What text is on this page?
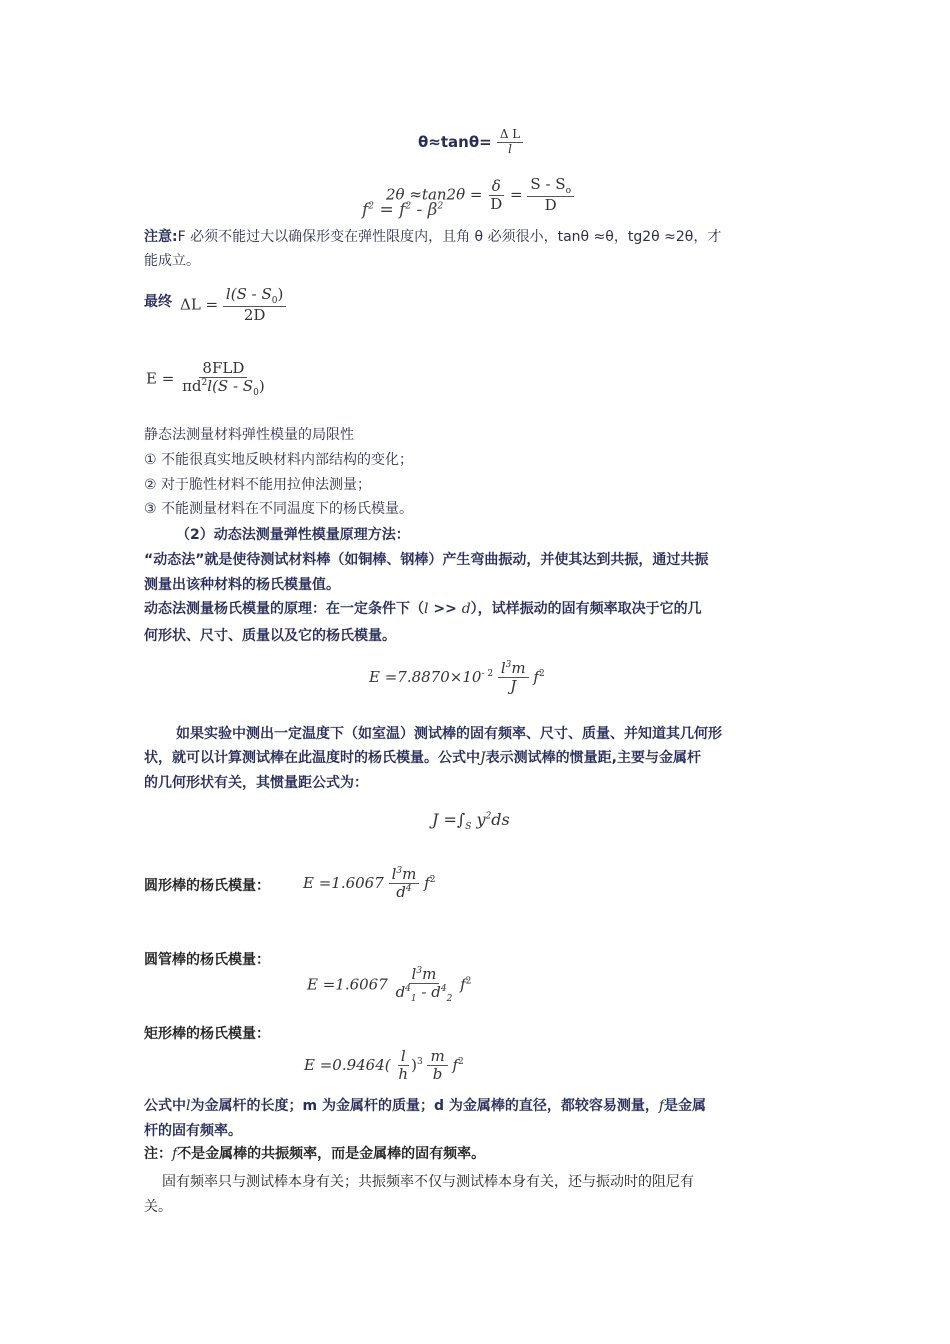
$\theta\approx\tan\theta= \frac{\text{Δ L}}{l}$
$2\theta \approx\tan 2\theta = \frac{\delta}{D} = \frac{S - S_o}{D}$
$f^2 = f^2 - \beta^2$
注意:F 必须不能过大以确保形变在弹性限度内，且角 θ 必须很小，tanθ ≈θ，tg2θ ≈2θ，才
能成立。
最终 $\Delta L = \frac{l(S - S_0)}{2D}$
$E = \frac{\text{8FLD}}{\pi d^2l(S - S_0)}$
静态法测量材料弹性模量的局限性
① 不能很真实地反映材料内部结构的变化；
② 对于脆性材料不能用拉伸法测量；
③ 不能测量材料在不同温度下的杨氏模量。
（2）动态法测量弹性模量原理方法：
“动态法”就是使待测试材料棒（如铜棒、钢棒）产生弯曲振动，并使其达到共振，通过共振
测量出该种材料的杨氏模量值。
动态法测量杨氏模量的原理：在一定条件下（l >> d），试样振动的固有频率取决于它的几
何形状、尺寸、质量以及它的杨氏模量。
$E =7.8870\times 10^{- 2} \frac{l^3m}{J} f^2$
如果实验中测出一定温度下（如室温）测试棒的固有频率、尺寸、质量、并知道其几何形
状，就可以计算测试棒在此温度时的杨氏模量。公式中J表示测试棒的惯量距,主要与金属杆
的几何形状有关，其惯量距公式为：
$J =\int_S$ $y^2ds$
圆形棒的杨氏模量： $E =1.6067 \frac{l^3m}{d^4} f^2$
圆管棒的杨氏模量：
$E =1.6067 \frac{l^3m}{d^4_1 - d^4_2} f^2$
矩形棒的杨氏模量：
$E =0.9464( \frac{l}{h} )^3 \frac{m}{b} f^2$
公式中l为金属杆的长度；m 为金属杆的质量；d 为金属棒的直径，都较容易测量，f是金属
杆的固有频率。
注：f不是金属棒的共振频率，而是金属棒的固有频率。
固有频率只与测试棒本身有关；共振频率不仅与测试棒本身有关，还与振动时的阻尼有
关。
